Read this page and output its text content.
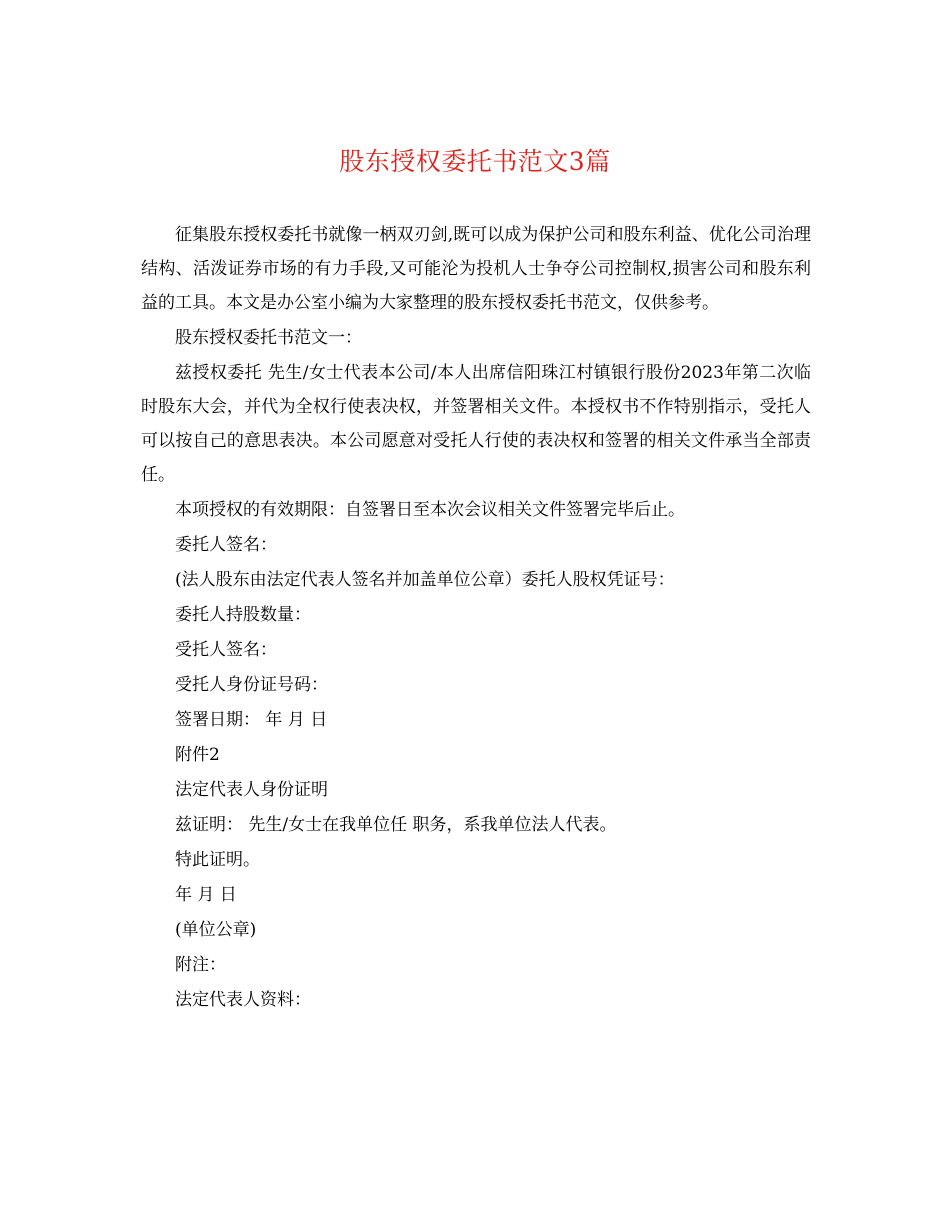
股东授权委托书范文3篇

征集股东授权委托书就像一柄双刃剑,既可以成为保护公司和股东利益、优化公司治理结构、活泼证券市场的有力手段,又可能沦为投机人士争夺公司控制权,损害公司和股东利益的工具。本文是办公室小编为大家整理的股东授权委托书范文，仅供参考。

股东授权委托书范文一：

兹授权委托 先生/女士代表本公司/本人出席信阳珠江村镇银行股份2023年第二次临时股东大会，并代为全权行使表决权，并签署相关文件。本授权书不作特别指示，受托人可以按自己的意思表决。本公司愿意对受托人行使的表决权和签署的相关文件承当全部责任。

本项授权的有效期限：自签署日至本次会议相关文件签署完毕后止。

委托人签名：

(法人股东由法定代表人签名并加盖单位公章）委托人股权凭证号：

委托人持股数量：

受托人签名：

受托人身份证号码：

签署日期： 年 月 日

附件2

法定代表人身份证明

兹证明： 先生/女士在我单位任 职务，系我单位法人代表。

特此证明。

年 月 日

(单位公章)

附注：

法定代表人资料：
